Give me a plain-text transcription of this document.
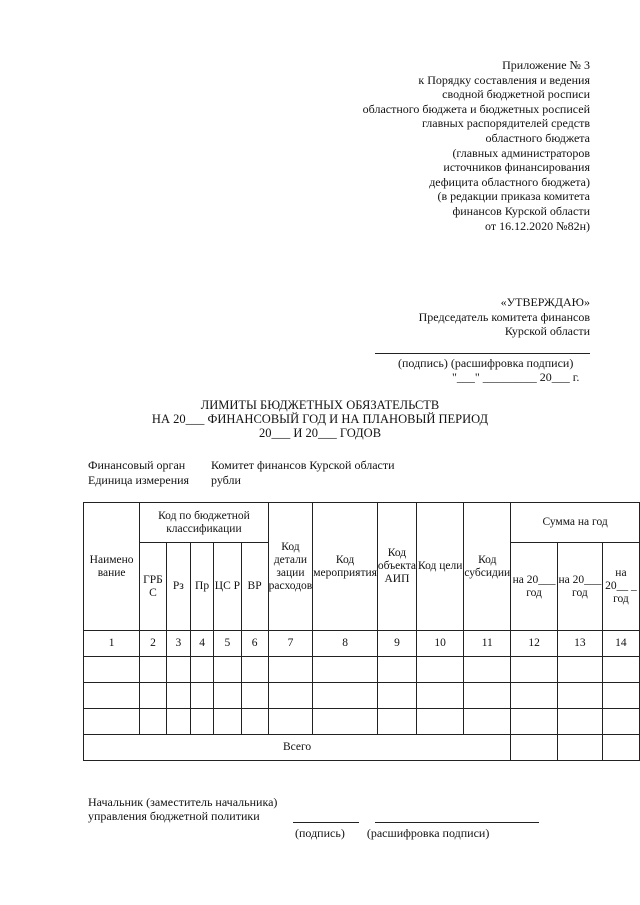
Приложение № 3
к Порядку составления и ведения
сводной бюджетной росписи
областного бюджета и бюджетных росписей
главных распорядителей средств
областного бюджета
(главных администраторов
источников финансирования
дефицита областного бюджета)
(в редакции приказа комитета
финансов Курской области
от 16.12.2020 №82н)
«УТВЕРЖДАЮ»
Председатель комитета финансов
Курской области
(подпись) (расшифровка подписи)
"___" _________ 20___ г.
ЛИМИТЫ БЮДЖЕТНЫХ ОБЯЗАТЕЛЬСТВ
НА 20___ ФИНАНСОВЫЙ ГОД И НА ПЛАНОВЫЙ ПЕРИОД
20___ И 20___ ГОДОВ
Финансовый орган Комитет финансов Курской области
Единица измерения рубли
Наимено вание	Код по бюджетной классификации					Код детали зации расходов	Код мероприятия	Код объекта АИП	Код цели	Код субсидии	Сумма на год		
	ГРБ С	Рз	Пр	ЦС Р	ВР						на 20___ год	на 20___ год	на 20__ _ год
1	2	3	4	5	6	7	8	9	10	11	12	13	14

Всего													
Начальник (заместитель начальника)
управления бюджетной политики
(подпись) (расшифровка подписи)
